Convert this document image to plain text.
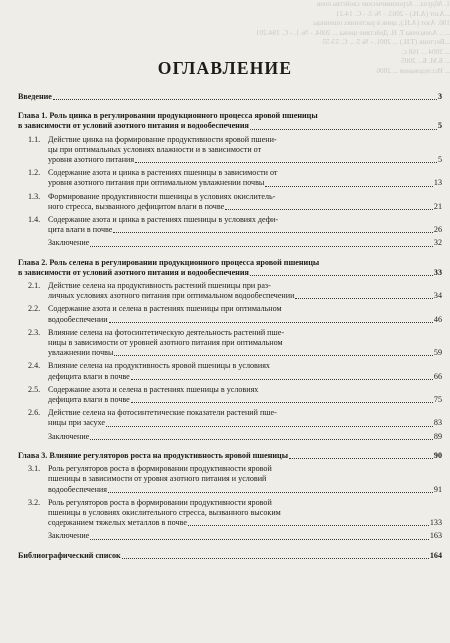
1. Абдулл... Агрохимические свойства почв
...Азот (А.Н.) - 2003. - № 3. - С. 14-21
100. Азот (А.Н.), цинк в растениях пшеницы
... .. Алексеева Т. Н. Действие цинка ... 2004. - № 1. - С. 194-201
...Вестник (Т.Н.) ... 2001. - № 5 ... С. 53-55
... 2004 ... 168 с.
... Б.М. Б... 2005
... Исследования ... 2006
ОГЛАВЛЕНИЕ
Введение	3
Глава 1. Роль цинка в регулировании продукционного процесса яровой пшеницы
в зависимости от условий азотного питания и водообеспечения	5
1.1. Действие цинка на формирование продуктивности яровой пшени-
цы при оптимальных условиях влажности и в зависимости от
уровня азотного питания	5
1.2. Содержание азота и цинка в растениях пшеницы в зависимости от
уровня азотного питания при оптимальном увлажнении почвы	13
1.3. Формирование продуктивности пшеницы в условиях окислитель-
ного стресса, вызванного дефицитом влаги в почве	21
1.4. Содержание азота и цинка в растениях пшеницы в условиях дефи-
цита влаги в почве	26
Заключение	32
Глава 2. Роль селена в регулировании продукционного процесса яровой пшеницы
в зависимости от условий азотного питания и водообеспечения	33
2.1. Действие селена на продуктивность растений пшеницы при раз-
личных условиях азотного питания при оптимальном водообеспечении	34
2.2. Содержание азота и селена в растениях пшеницы при оптимальном
водообеспечении	46
2.3. Влияние селена на фотосинтетическую деятельность растений пше-
ницы в зависимости от уровней азотного питания при оптимальном
увлажнении почвы	59
2.4. Влияние селена на продуктивность яровой пшеницы в условиях
дефицита влаги в почве	66
2.5. Содержание азота и селена в растениях пшеницы в условиях
дефицита влаги в почве	75
2.6. Действие селена на фотосинтетические показатели растений пше-
ницы при засухе	83
Заключение	89
Глава 3. Влияние регуляторов роста на продуктивность яровой пшеницы	90
3.1. Роль регуляторов роста в формировании продуктивности яровой
пшеницы в зависимости от уровня азотного питания и условий
водообеспечения	91
3.2. Роль регуляторов роста в формировании продуктивности яровой
пшеницы в условиях окислительного стресса, вызванного высоким
содержанием тяжелых металлов в почве	133
Заключение	163
Библиографический список	164
